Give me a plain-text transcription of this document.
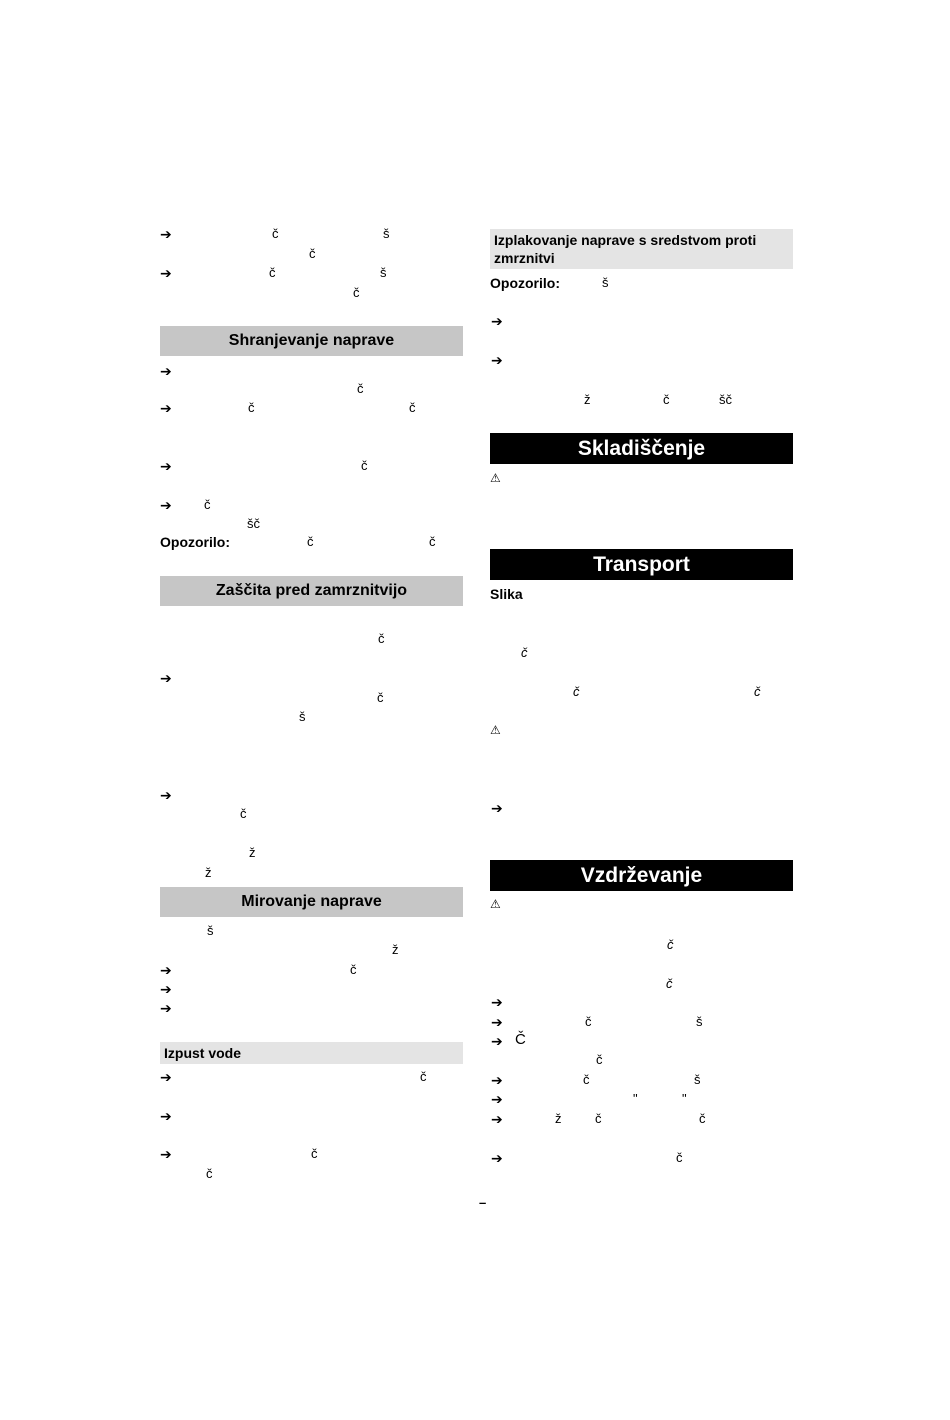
➔	č	š
č
➔	č	š
č
Shranjevanje naprave
➔
č
➔	č	č
➔	č
➔ č
šč
Opozorilo:	č	č
Zaščita pred zamrznitvijo
č
➔
č
š
➔
č
ž
ž
Mirovanje naprave
š
ž
➔	č
➔
➔
Izpust vode
➔	č
➔
➔	č
č
Izplakovanje naprave s sredstvom proti zmrznitvi
Opozorilo:	š
➔
➔
ž	č	šč
Skladiščenje
⚠
Transport
Slika
č
č	č
⚠
➔
Vzdrževanje
⚠
č
č
➔
➔	č	š
➔ Č
č
➔	č	š
➔	"	"
➔	ž	č	č
➔	č
–
